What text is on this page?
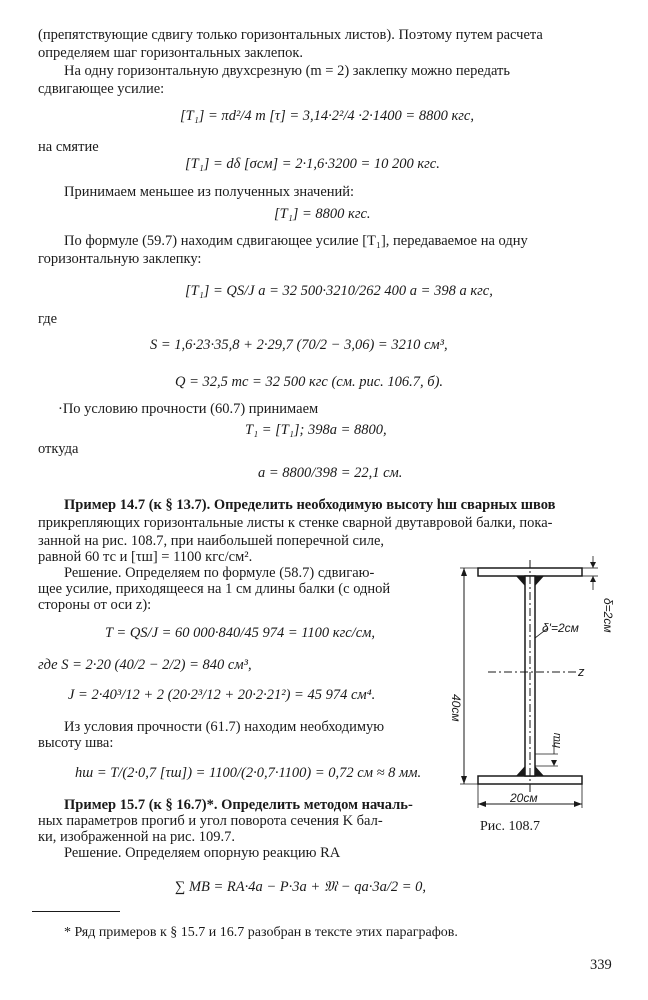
(препятствующие сдвигу только горизонтальных листов). Поэтому путем расчета
определяем шаг горизонтальных заклепок.
На одну горизонтальную двухсрезную (m = 2) заклепку можно передать
сдвигающее усилие:
[T₁] = πd²/4 m [τ] = 3,14·2²/4 ·2·1400 = 8800 кгс,
на смятие
[T₁] = dδ [σсм] = 2·1,6·3200 = 10 200 кгс.
Принимаем меньшее из полученных значений:
[T₁] = 8800 кгс.
По формуле (59.7) находим сдвигающее усилие [T₁], передаваемое на одну
горизонтальную заклепку:
[T₁] = QS/J a = 32 500·3210/262 400 a = 398 a кгс,
где
S = 1,6·23·35,8 + 2·29,7 (70/2 − 3,06) = 3210 см³,
Q = 32,5 тс = 32 500 кгс (см. рис. 106.7, б).
·По условию прочности (60.7) принимаем
T₁ = [T₁]; 398a = 8800,
откуда
a = 8800/398 = 22,1 см.
Пример 14.7 (к § 13.7). Определить необходимую высоту hш сварных швов
прикрепляющих горизонтальные листы к стенке сварной двутавровой балки, пока-
занной на рис. 108.7, при наибольшей поперечной силе,
равной 60 тс и [τш] = 1100 кгс/см².
Решение. Определяем по формуле (58.7) сдвигаю-
щее усилие, приходящееся на 1 см длины балки (с одной
стороны от оси z):
T = QS/J = 60 000·840/45 974 = 1100 кгс/см,
где S = 2·20 (40/2 − 2/2) = 840 см³,
J = 2·40³/12 + 2 (20·2³/12 + 20·2·21²) = 45 974 см⁴.
Из условия прочности (61.7) находим необходимую
высоту шва:
hш = T/(2·0,7 [τш]) = 1100/(2·0,7·1100) = 0,72 см ≈ 8 мм.
Пример 15.7 (к § 16.7)*. Определить методом началь-
ных параметров прогиб и угол поворота сечения K бал-
ки, изображенной на рис. 109.7.
Решение. Определяем опорную реакцию RA
∑ MB = RA·4a − P·3a + 𝔐 − qa·3a/2 = 0,
* Ряд примеров к § 15.7 и 16.7 разобран в тексте этих параграфов.
339
δ=2см
δ'=2см
z
40см
hш
20см
Рис. 108.7
